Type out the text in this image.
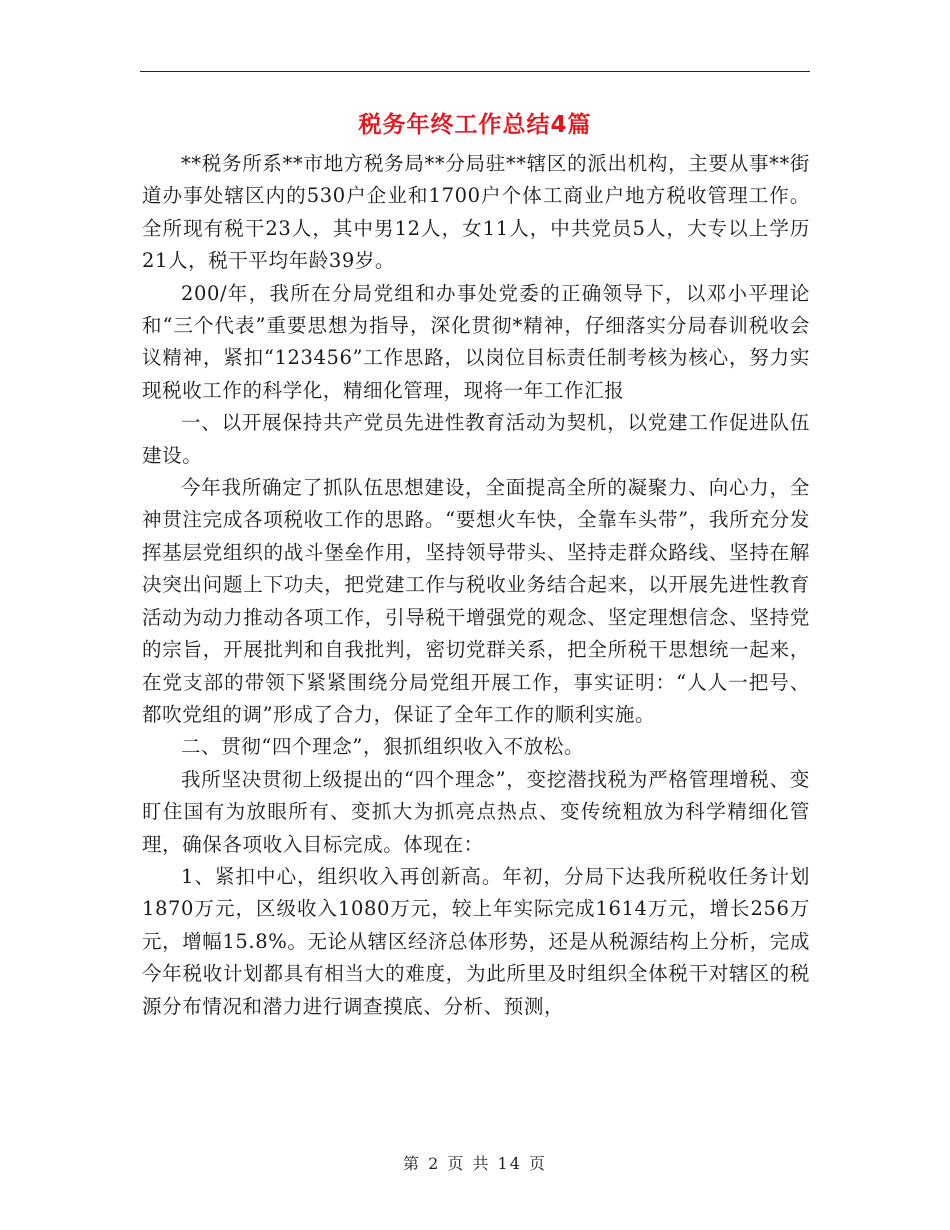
税务年终工作总结4篇

**税务所系**市地方税务局**分局驻**辖区的派出机构，主要从事**街道办事处辖区内的530户企业和1700户个体工商业户地方税收管理工作。全所现有税干23人，其中男12人，女11人，中共党员5人，大专以上学历21人，税干平均年龄39岁。

200/年，我所在分局党组和办事处党委的正确领导下，以邓小平理论和“三个代表”重要思想为指导，深化贯彻*精神，仔细落实分局春训税收会议精神，紧扣“123456”工作思路，以岗位目标责任制考核为核心，努力实现税收工作的科学化，精细化管理，现将一年工作汇报

一、以开展保持共产党员先进性教育活动为契机，以党建工作促进队伍建设。

今年我所确定了抓队伍思想建设，全面提高全所的凝聚力、向心力，全神贯注完成各项税收工作的思路。“要想火车快，全靠车头带”，我所充分发挥基层党组织的战斗堡垒作用，坚持领导带头、坚持走群众路线、坚持在解决突出问题上下功夫，把党建工作与税收业务结合起来，以开展先进性教育活动为动力推动各项工作，引导税干增强党的观念、坚定理想信念、坚持党的宗旨，开展批判和自我批判，密切党群关系，把全所税干思想统一起来，在党支部的带领下紧紧围绕分局党组开展工作，事实证明：“人人一把号、都吹党组的调”形成了合力，保证了全年工作的顺利实施。

二、贯彻“四个理念”，狠抓组织收入不放松。

我所坚决贯彻上级提出的“四个理念”，变挖潜找税为严格管理增税、变盯住国有为放眼所有、变抓大为抓亮点热点、变传统粗放为科学精细化管理，确保各项收入目标完成。体现在：

1、紧扣中心，组织收入再创新高。年初，分局下达我所税收任务计划1870万元，区级收入1080万元，较上年实际完成1614万元，增长256万元，增幅15.8%。无论从辖区经济总体形势，还是从税源结构上分析，完成今年税收计划都具有相当大的难度，为此所里及时组织全体税干对辖区的税源分布情况和潜力进行调查摸底、分析、预测，

第 2 页 共 14 页
